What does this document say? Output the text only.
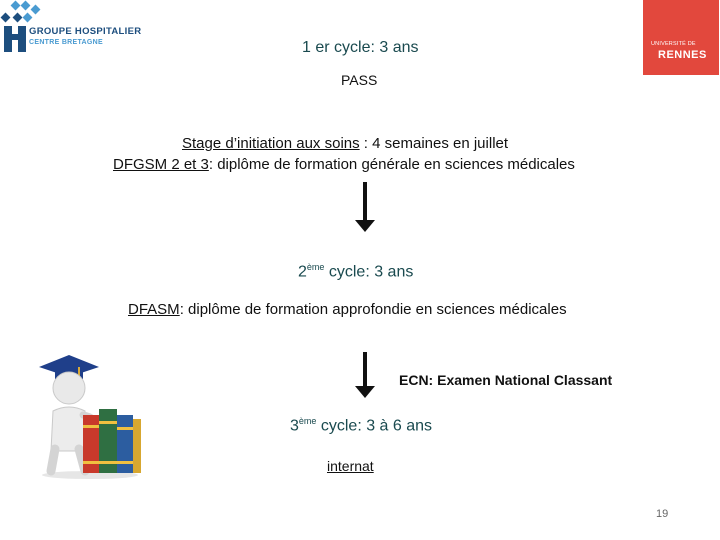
GROUPE HOSPITALIER
CENTRE BRETAGNE	UNIVERSITÉ DE
RENNES
1 er cycle: 3 ans
PASS
Stage d’initiation aux soins : 4 semaines en juillet
DFGSM 2 et 3: diplôme de formation générale en sciences médicales
2ème cycle: 3 ans
DFASM: diplôme de formation approfondie en sciences médicales
ECN: Examen National Classant
3ème cycle: 3 à 6 ans
internat
19
